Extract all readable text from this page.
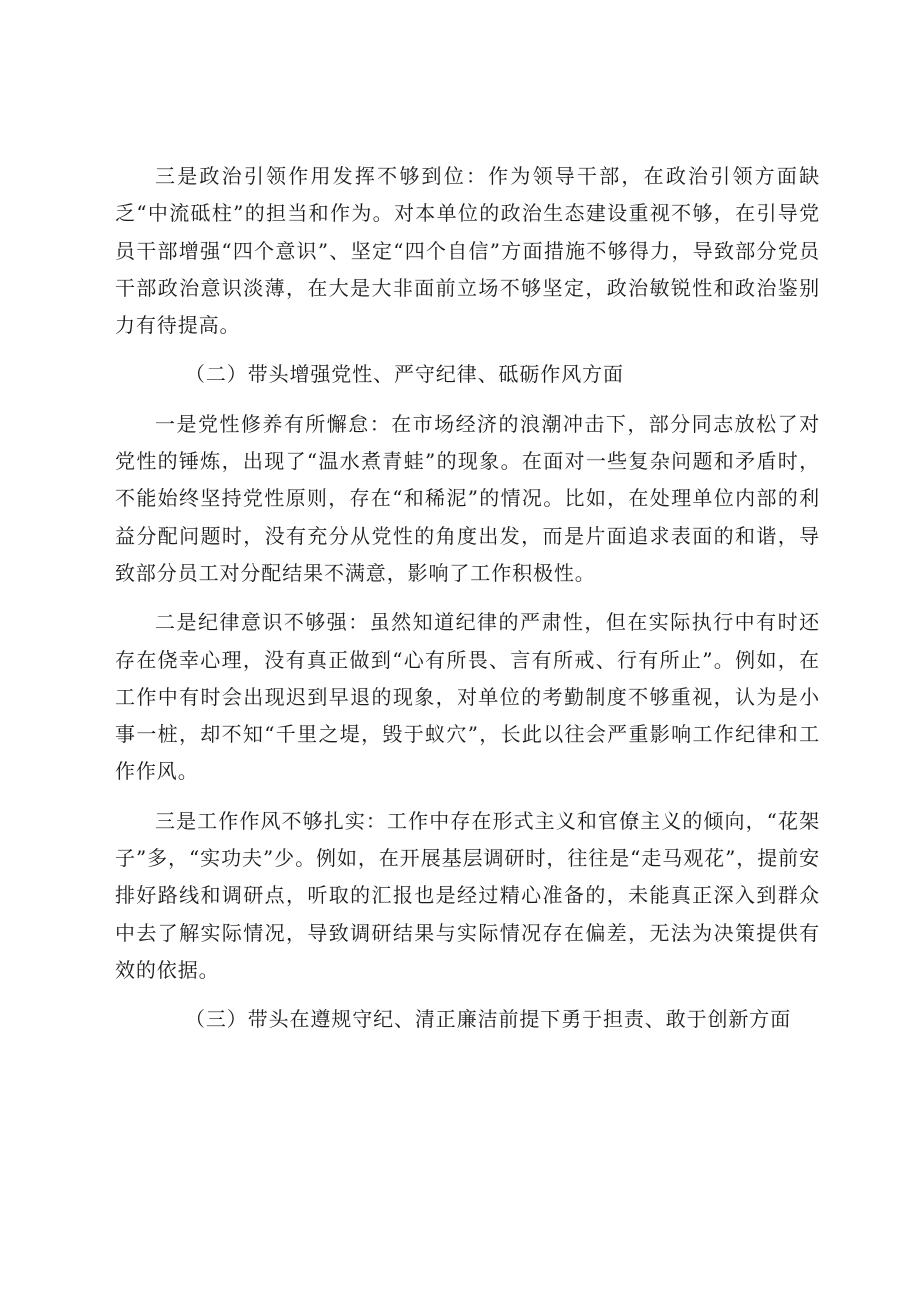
三是政治引领作用发挥不够到位：作为领导干部，在政治引领方面缺乏“中流砥柱”的担当和作为。对本单位的政治生态建设重视不够，在引导党员干部增强“四个意识”、坚定“四个自信”方面措施不够得力，导致部分党员干部政治意识淡薄，在大是大非面前立场不够坚定，政治敏锐性和政治鉴别力有待提高。

（二）带头增强党性、严守纪律、砥砺作风方面

一是党性修养有所懈怠：在市场经济的浪潮冲击下，部分同志放松了对党性的锤炼，出现了“温水煮青蛙”的现象。在面对一些复杂问题和矛盾时，不能始终坚持党性原则，存在“和稀泥”的情况。比如，在处理单位内部的利益分配问题时，没有充分从党性的角度出发，而是片面追求表面的和谐，导致部分员工对分配结果不满意，影响了工作积极性。

二是纪律意识不够强：虽然知道纪律的严肃性，但在实际执行中有时还存在侥幸心理，没有真正做到“心有所畏、言有所戒、行有所止”。例如，在工作中有时会出现迟到早退的现象，对单位的考勤制度不够重视，认为是小事一桩，却不知“千里之堤，毁于蚁穴”，长此以往会严重影响工作纪律和工作作风。

三是工作作风不够扎实：工作中存在形式主义和官僚主义的倾向，“花架子”多，“实功夫”少。例如，在开展基层调研时，往往是“走马观花”，提前安排好路线和调研点，听取的汇报也是经过精心准备的，未能真正深入到群众中去了解实际情况，导致调研结果与实际情况存在偏差，无法为决策提供有效的依据。

（三）带头在遵规守纪、清正廉洁前提下勇于担责、敢于创新方面
